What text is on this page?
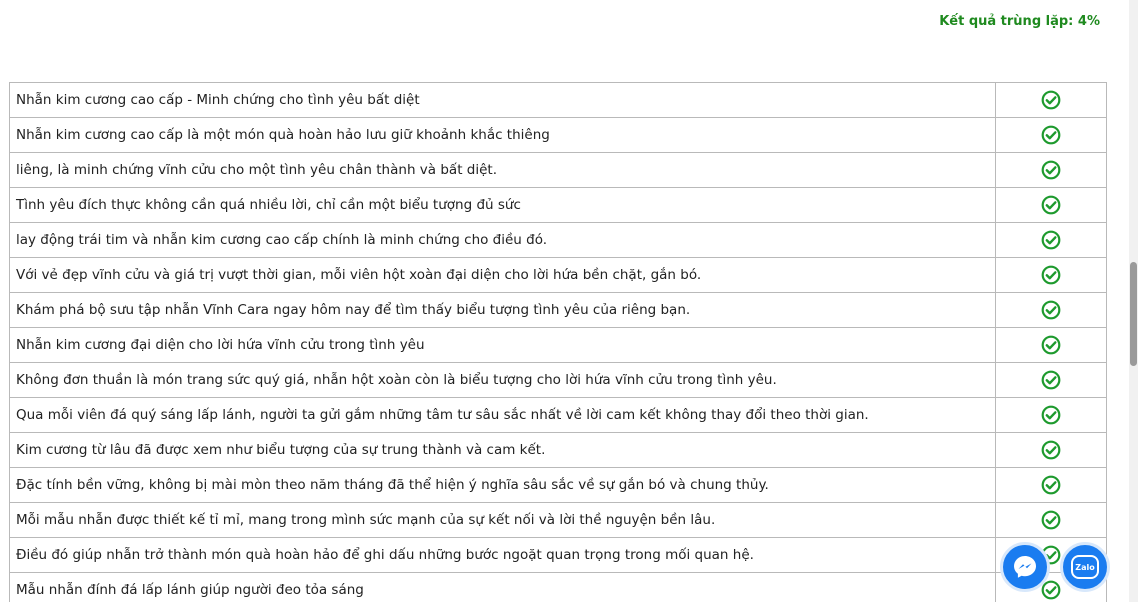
Kết quả trùng lặp: 4%
Nhẫn kim cương cao cấp - Minh chứng cho tình yêu bất diệt	
Nhẫn kim cương cao cấp là một món quà hoàn hảo lưu giữ khoảnh khắc thiêng	
liêng, là minh chứng vĩnh cửu cho một tình yêu chân thành và bất diệt.	
Tình yêu đích thực không cần quá nhiều lời, chỉ cần một biểu tượng đủ sức	
lay động trái tim và nhẫn kim cương cao cấp chính là minh chứng cho điều đó.	
Với vẻ đẹp vĩnh cửu và giá trị vượt thời gian, mỗi viên hột xoàn đại diện cho lời hứa bền chặt, gắn bó.	
Khám phá bộ sưu tập nhẫn Vĩnh Cara ngay hôm nay để tìm thấy biểu tượng tình yêu của riêng bạn.	
Nhẫn kim cương đại diện cho lời hứa vĩnh cửu trong tình yêu	
Không đơn thuần là món trang sức quý giá, nhẫn hột xoàn còn là biểu tượng cho lời hứa vĩnh cửu trong tình yêu.	
Qua mỗi viên đá quý sáng lấp lánh, người ta gửi gắm những tâm tư sâu sắc nhất về lời cam kết không thay đổi theo thời gian.	
Kim cương từ lâu đã được xem như biểu tượng của sự trung thành và cam kết.	
Đặc tính bền vững, không bị mài mòn theo năm tháng đã thể hiện ý nghĩa sâu sắc về sự gắn bó và chung thủy.	
Mỗi mẫu nhẫn được thiết kế tỉ mỉ, mang trong mình sức mạnh của sự kết nối và lời thề nguyện bền lâu.	
Điều đó giúp nhẫn trở thành món quà hoàn hảo để ghi dấu những bước ngoặt quan trọng trong mối quan hệ.	
Mẫu nhẫn đính đá lấp lánh giúp người đeo tỏa sáng	
Zalo
